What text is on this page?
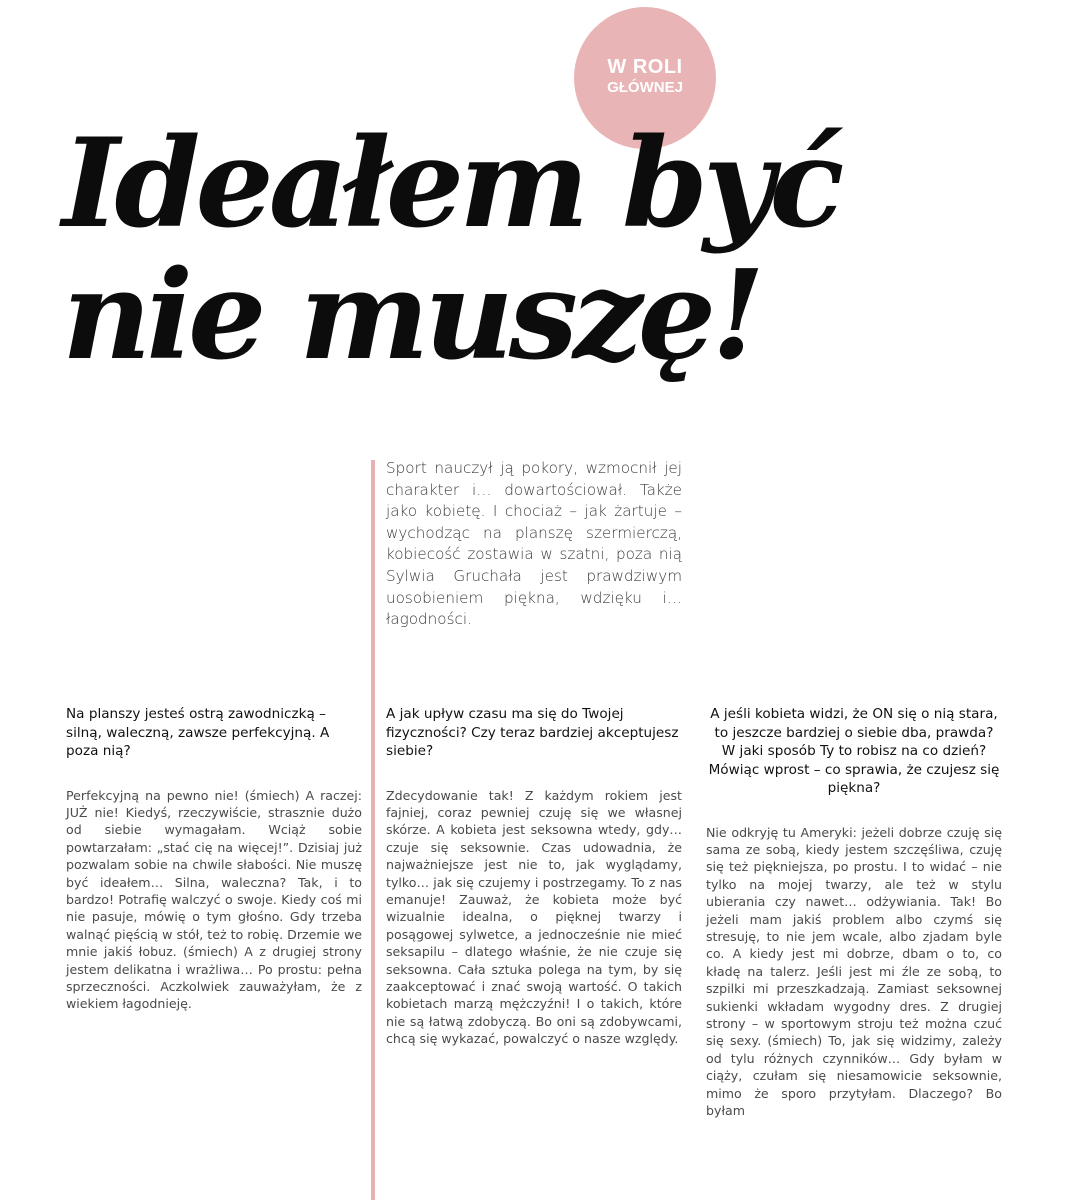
W ROLI
GŁÓWNEJ
Ideałem być
nie muszę!

Sport nauczył ją pokory, wzmocnił jej charakter i… dowartościował. Także jako kobietę. I chociaż – jak żartuje – wychodząc na planszę szermierczą, kobiecość zostawia w szatni, poza nią Sylwia Gruchała jest prawdziwym uosobieniem piękna, wdzięku i… łagodności.

Na planszy jesteś ostrą zawodniczką – silną, waleczną, zawsze perfekcyjną. A poza nią?

Perfekcyjną na pewno nie! (śmiech) A raczej: JUŻ nie! Kiedyś, rzeczywiście, strasznie dużo od siebie wymagałam. Wciąż sobie powtarzałam: „stać cię na więcej!”. Dzisiaj już pozwalam sobie na chwile słabości. Nie muszę być ideałem… Silna, waleczna? Tak, i to bardzo! Potrafię walczyć o swoje. Kiedy coś mi nie pasuje, mówię o tym głośno. Gdy trzeba walnąć pięścią w stół, też to robię. Drzemie we mnie jakiś łobuz. (śmiech) A z drugiej strony jestem delikatna i wrażliwa… Po prostu: pełna sprzeczności. Aczkolwiek zauważyłam, że z wiekiem łagodnieję.

A jak upływ czasu ma się do Twojej fizyczności? Czy teraz bardziej akceptujesz siebie?

Zdecydowanie tak! Z każdym rokiem jest fajniej, coraz pewniej czuję się we własnej skórze. A kobieta jest seksowna wtedy, gdy… czuje się seksownie. Czas udowadnia, że najważniejsze jest nie to, jak wyglądamy, tylko… jak się czujemy i postrzegamy. To z nas emanuje! Zauważ, że kobieta może być wizualnie idealna, o pięknej twarzy i posągowej sylwetce, a jednocześnie nie mieć seksapilu – dlatego właśnie, że nie czuje się seksowna. Cała sztuka polega na tym, by się zaakceptować i znać swoją wartość. O takich kobietach marzą mężczyźni! I o takich, które nie są łatwą zdobyczą. Bo oni są zdobywcami, chcą się wykazać, powalczyć o nasze względy.

A jeśli kobieta widzi, że ON się o nią stara, to jeszcze bardziej o siebie dba, prawda? W jaki sposób Ty to robisz na co dzień? Mówiąc wprost – co sprawia, że czujesz się piękna?

Nie odkryję tu Ameryki: jeżeli dobrze czuję się sama ze sobą, kiedy jestem szczęśliwa, czuję się też piękniejsza, po prostu. I to widać – nie tylko na mojej twarzy, ale też w stylu ubierania czy nawet… odżywiania. Tak! Bo jeżeli mam jakiś problem albo czymś się stresuję, to nie jem wcale, albo zjadam byle co. A kiedy jest mi dobrze, dbam o to, co kładę na talerz. Jeśli jest mi źle ze sobą, to szpilki mi przeszkadzają. Zamiast seksownej sukienki wkładam wygodny dres. Z drugiej strony – w sportowym stroju też można czuć się sexy. (śmiech) To, jak się widzimy, zależy od tylu różnych czynników… Gdy byłam w ciąży, czułam się niesamowicie seksownie, mimo że sporo przytyłam. Dlaczego? Bo byłam
